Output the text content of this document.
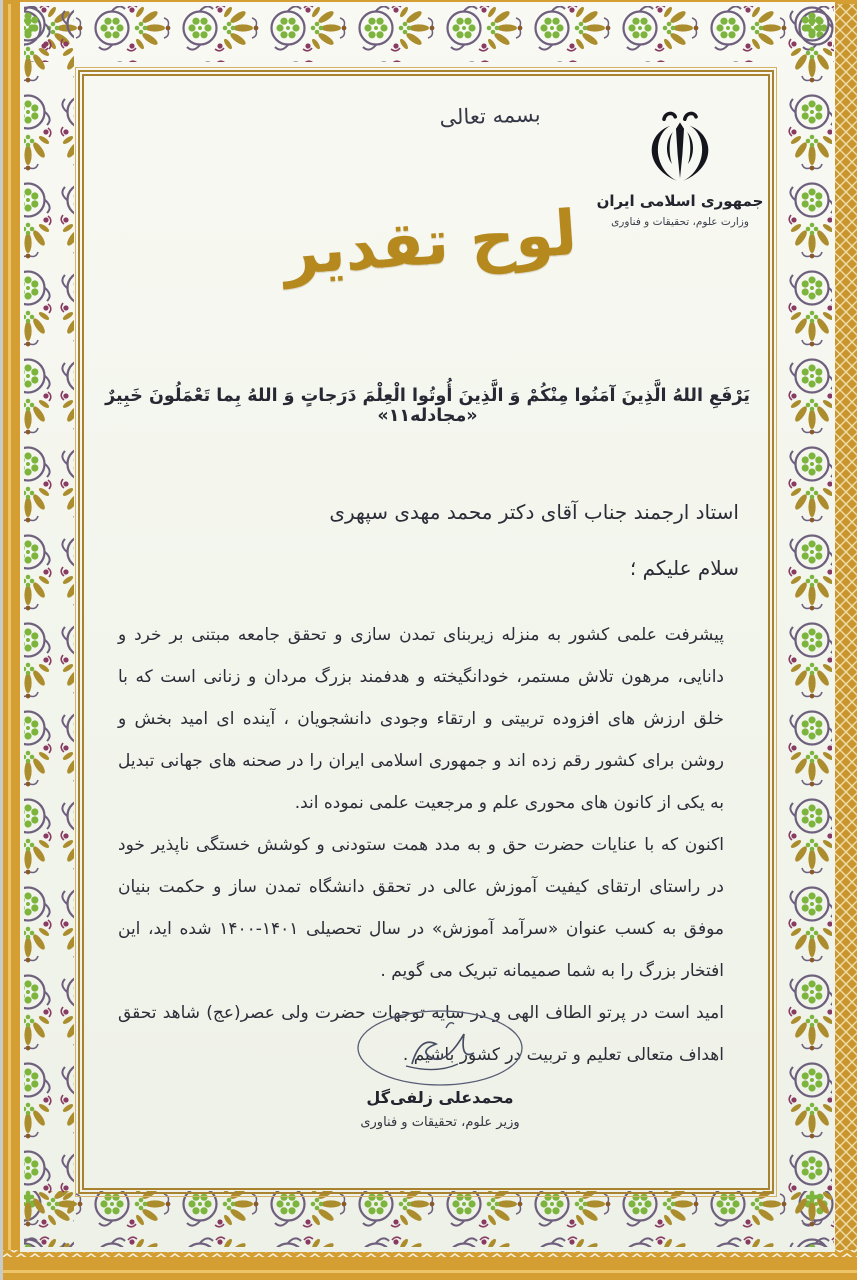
بسمه تعالی
جمهوری اسلامی ایران
وزارت علوم، تحقیقات و فناوری
لوح تقدیر
یَرْفَعِ اللهُ الَّذِینَ آمَنُوا مِنْکُمْ وَ الَّذِینَ أُوتُوا الْعِلْمَ دَرَجاتٍ وَ اللهُ بِما تَعْمَلُونَ خَبِیرٌ «مجادله۱۱»
استاد ارجمند جناب آقای دکتر محمد مهدی سپهری
سلام علیکم ؛

پیشرفت علمی کشور به منزله زیربنای تمدن سازی و تحقق جامعه مبتنی بر خرد و دانایی، مرهون تلاش مستمر، خودانگیخته و هدفمند بزرگ مردان و زنانی است که با خلق ارزش های افزوده تربیتی و ارتقاء وجودی دانشجویان ، آینده ای امید بخش و روشن برای کشور رقم زده اند و جمهوری اسلامی ایران را در صحنه های جهانی تبدیل به یکی از کانون های محوری علم و مرجعیت علمی نموده اند.

اکنون که با عنایات حضرت حق و به مدد همت ستودنی و کوشش خستگی ناپذیر خود در راستای ارتقای کیفیت آموزش عالی در تحقق دانشگاه تمدن ساز و حکمت بنیان موفق به کسب عنوان «سرآمد آموزش» در سال تحصیلی ۱۴۰۱-۱۴۰۰ شده اید، این افتخار بزرگ را به شما صمیمانه تبریک می گویم .

امید است در پرتو الطاف الهی و در سایه توجهات حضرت ولی عصر(عج) شاهد تحقق اهداف متعالی تعلیم و تربیت در کشور باشیم .

محمدعلی زلفی‌گل
وزیر علوم، تحقیقات و فناوری
